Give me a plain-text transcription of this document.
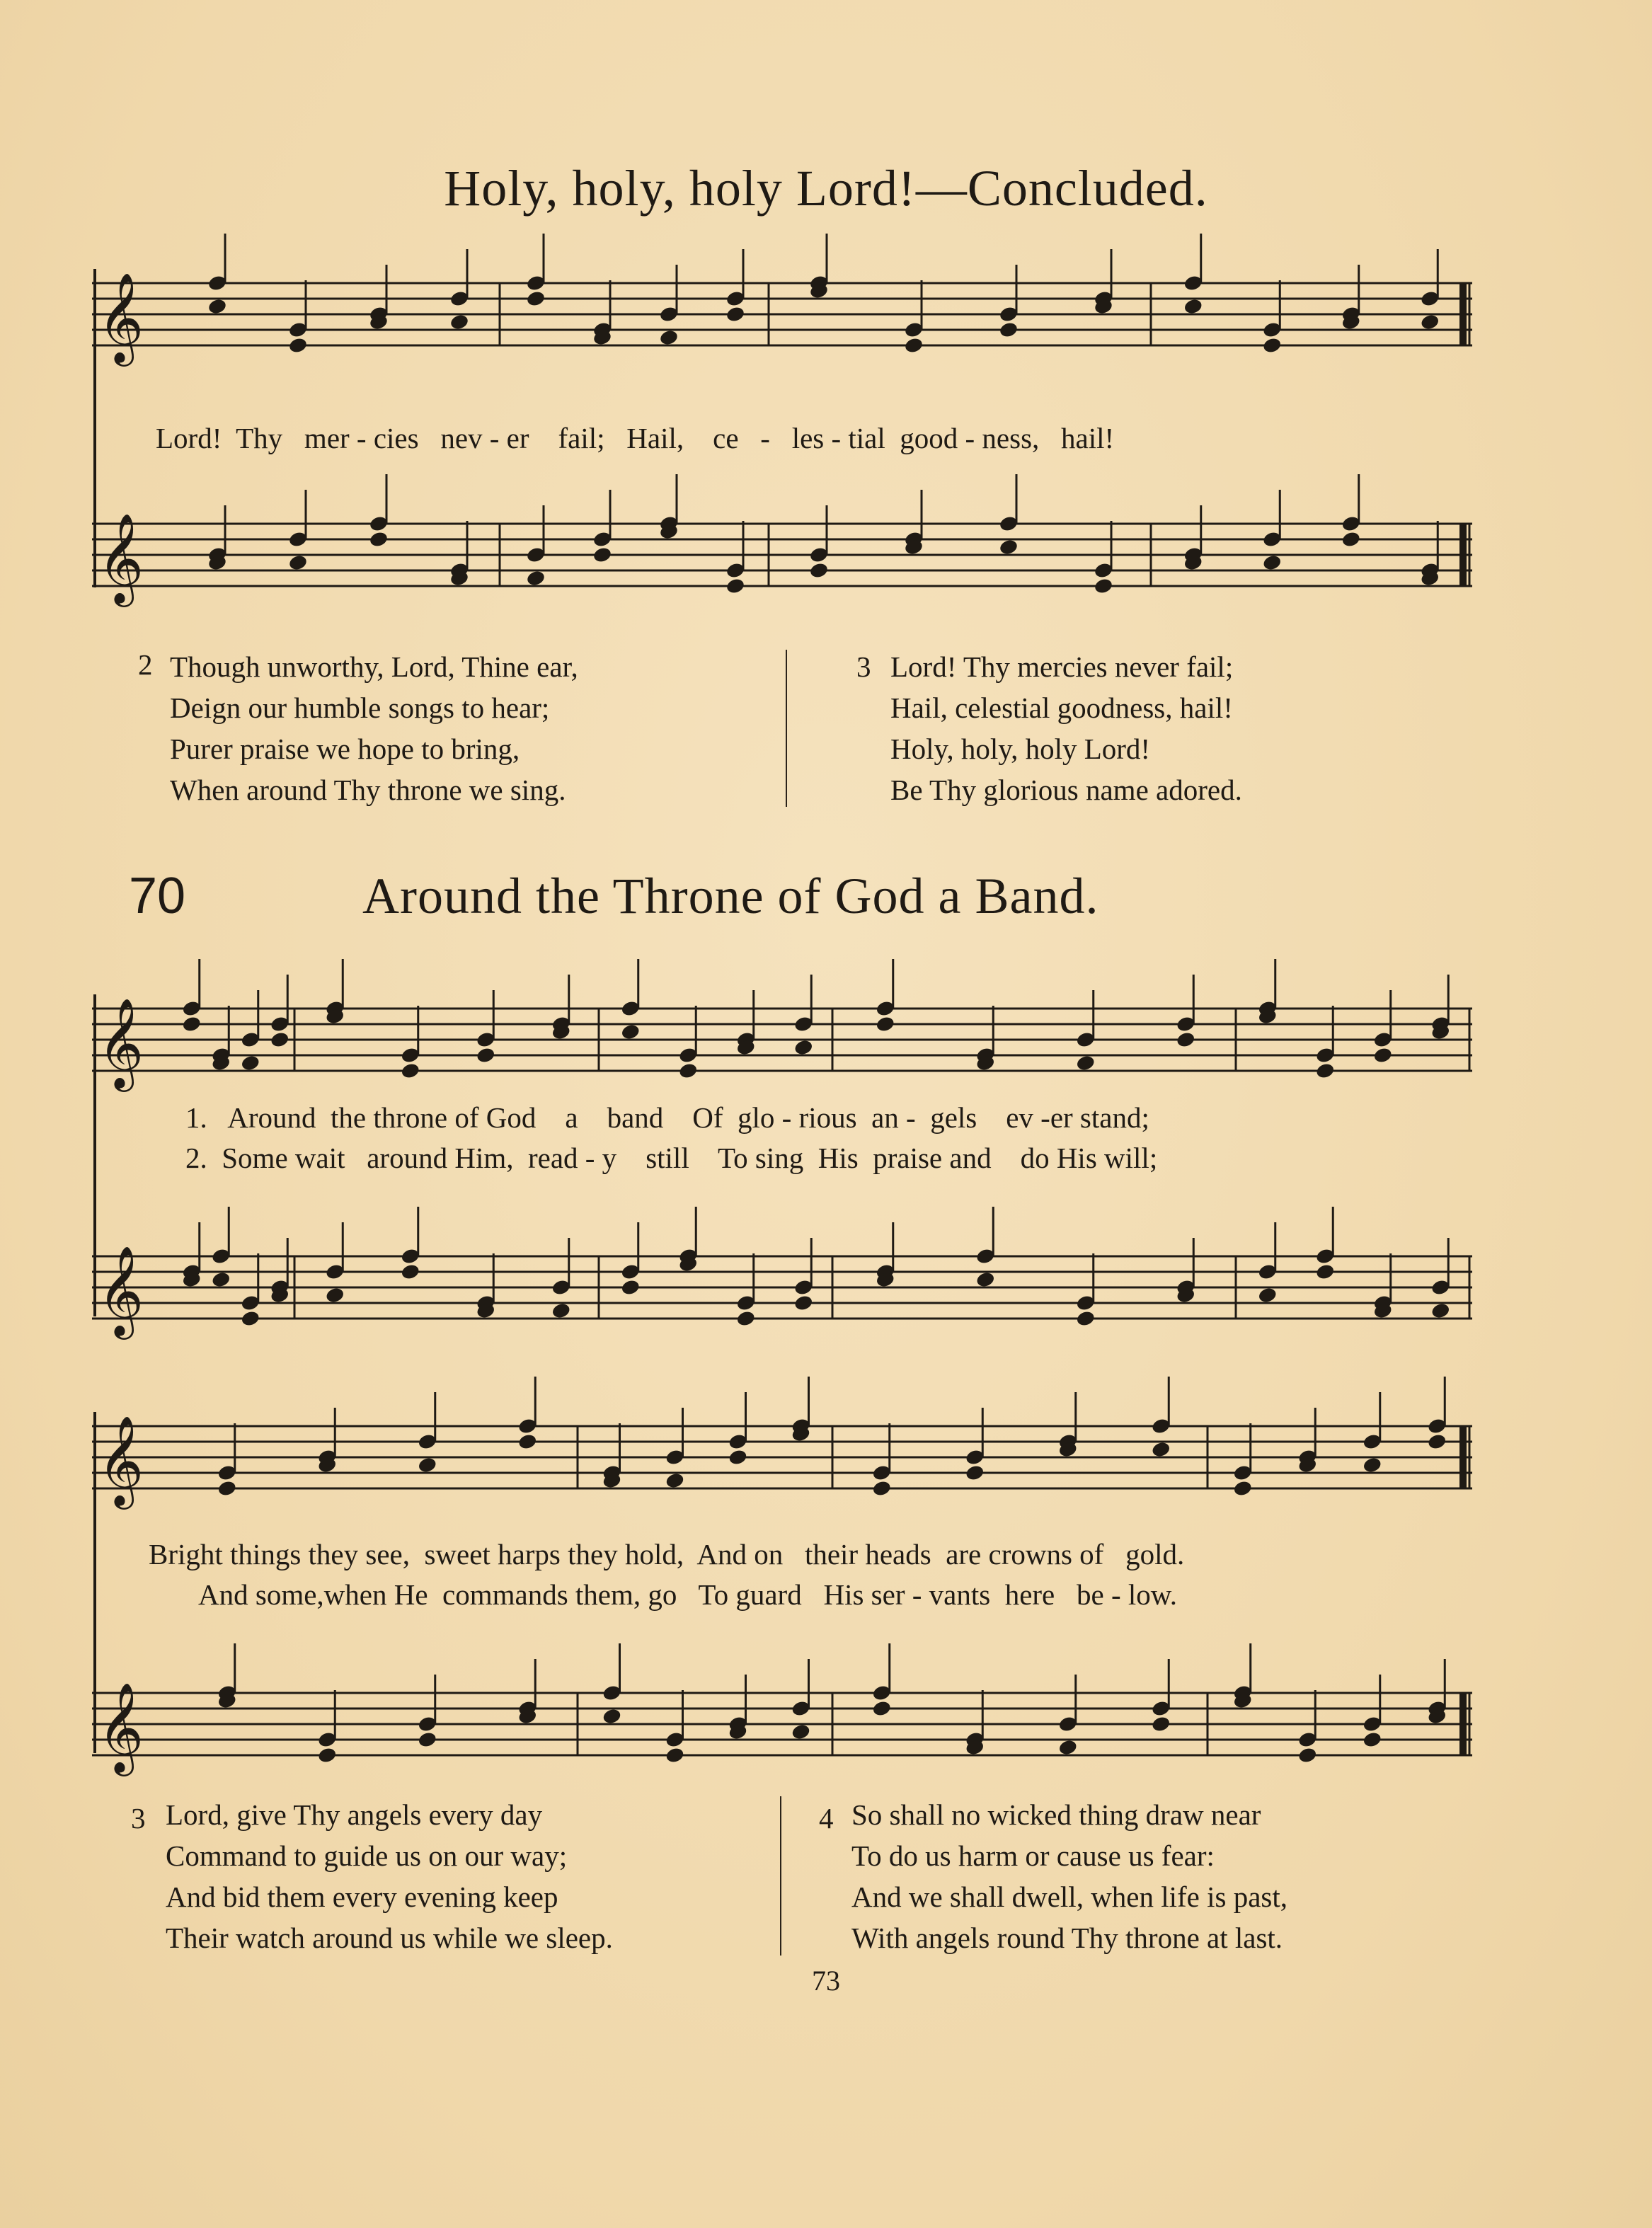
Holy, holy, holy Lord!—Concluded.
𝄞
Lord! Thy mer - cies nev - er fail; Hail, ce - les - tial good - ness, hail!
𝄞
2 Though unworthy, Lord, Thine ear,
Deign our humble songs to hear;
Purer praise we hope to bring,
When around Thy throne we sing.
3 Lord! Thy mercies never fail;
Hail, celestial goodness, hail!
Holy, holy, holy Lord!
Be Thy glorious name adored.
70	Around the Throne of God a Band.
𝄞
1. Around the throne of God a band Of glo - rious an - gels ev -er stand;
2. Some wait around Him, read - y still To sing His praise and do His will;
𝄞
𝄞
Bright things they see, sweet harps they hold, And on their heads are crowns of gold.
And some,when He commands them, go To guard His ser - vants here be - low.
𝄞
3 Lord, give Thy angels every day
Command to guide us on our way;
And bid them every evening keep
Their watch around us while we sleep.
4 So shall no wicked thing draw near
To do us harm or cause us fear:
And we shall dwell, when life is past,
With angels round Thy throne at last.
73
